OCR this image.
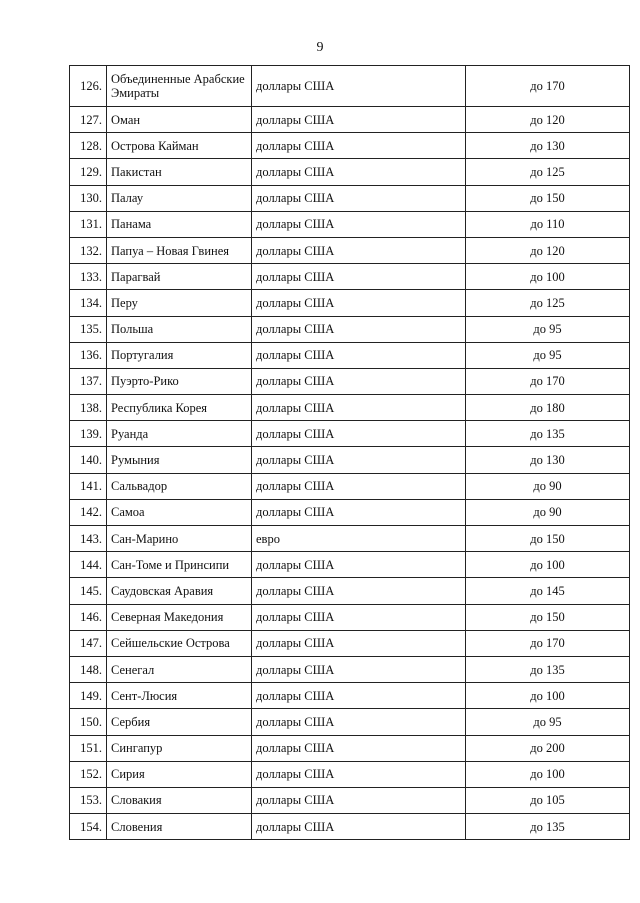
9
126.	Объединенные Арабские Эмираты	доллары США	до 170
127.	Оман	доллары США	до 120
128.	Острова Кайман	доллары США	до 130
129.	Пакистан	доллары США	до 125
130.	Палау	доллары США	до 150
131.	Панама	доллары США	до 110
132.	Папуа – Новая Гвинея	доллары США	до 120
133.	Парагвай	доллары США	до 100
134.	Перу	доллары США	до 125
135.	Польша	доллары США	до 95
136.	Португалия	доллары США	до 95
137.	Пуэрто-Рико	доллары США	до 170
138.	Республика Корея	доллары США	до 180
139.	Руанда	доллары США	до 135
140.	Румыния	доллары США	до 130
141.	Сальвадор	доллары США	до 90
142.	Самоа	доллары США	до 90
143.	Сан-Марино	евро	до 150
144.	Сан-Томе и Принсипи	доллары США	до 100
145.	Саудовская Аравия	доллары США	до 145
146.	Северная Македония	доллары США	до 150
147.	Сейшельские Острова	доллары США	до 170
148.	Сенегал	доллары США	до 135
149.	Сент-Люсия	доллары США	до 100
150.	Сербия	доллары США	до 95
151.	Сингапур	доллары США	до 200
152.	Сирия	доллары США	до 100
153.	Словакия	доллары США	до 105
154.	Словения	доллары США	до 135
